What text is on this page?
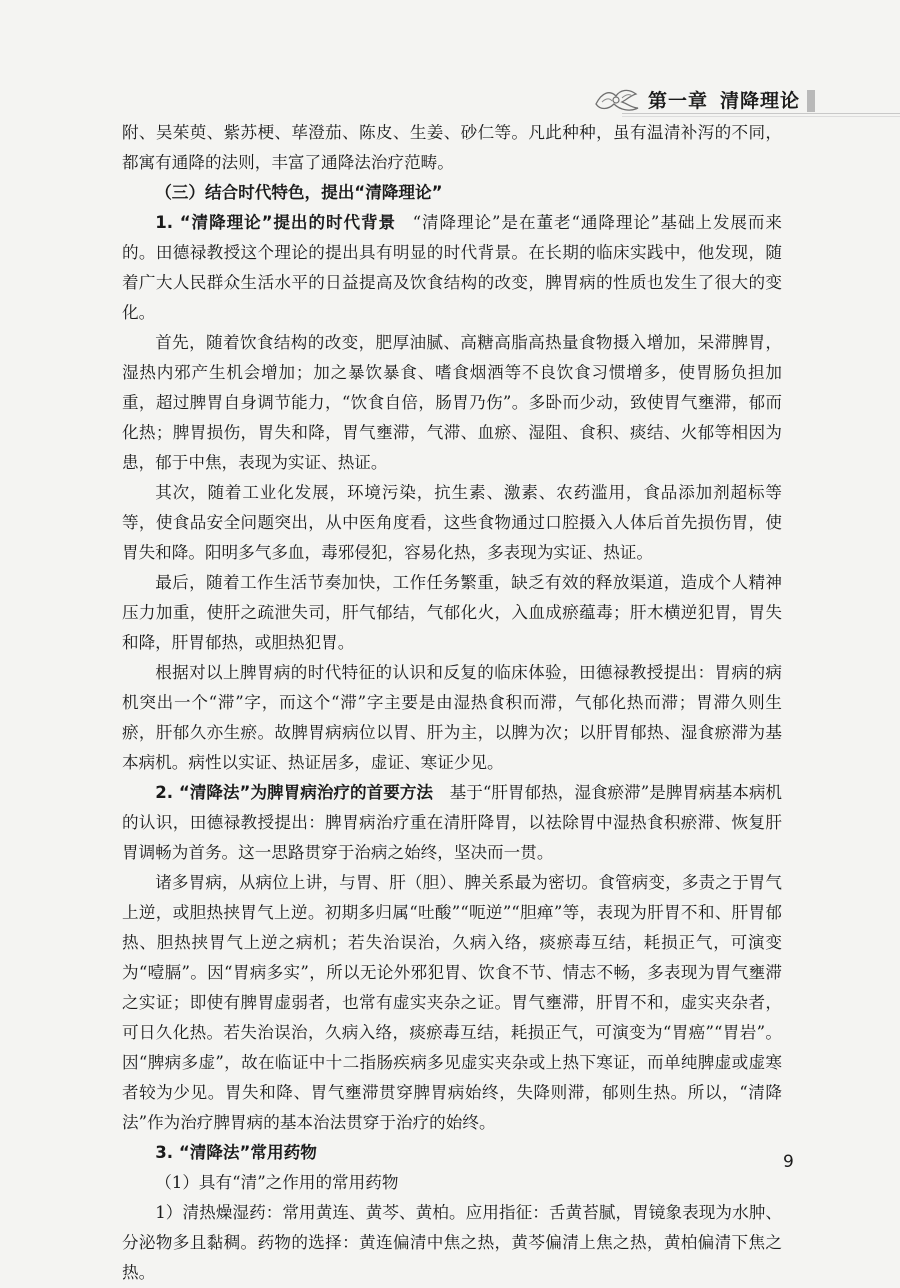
第一章 清降理论

附、吴茱萸、紫苏梗、荜澄茄、陈皮、生姜、砂仁等。凡此种种，虽有温清补泻的不同，都寓有通降的法则，丰富了通降法治疗范畴。

（三）结合时代特色，提出“清降理论”

1. “清降理论”提出的时代背景  “清降理论”是在董老“通降理论”基础上发展而来的。田德禄教授这个理论的提出具有明显的时代背景。在长期的临床实践中，他发现，随着广大人民群众生活水平的日益提高及饮食结构的改变，脾胃病的性质也发生了很大的变化。

首先，随着饮食结构的改变，肥厚油腻、高糖高脂高热量食物摄入增加，呆滞脾胃，湿热内邪产生机会增加；加之暴饮暴食、嗜食烟酒等不良饮食习惯增多，使胃肠负担加重，超过脾胃自身调节能力，“饮食自倍，肠胃乃伤”。多卧而少动，致使胃气壅滞，郁而化热；脾胃损伤，胃失和降，胃气壅滞，气滞、血瘀、湿阻、食积、痰结、火郁等相因为患，郁于中焦，表现为实证、热证。

其次，随着工业化发展，环境污染，抗生素、激素、农药滥用，食品添加剂超标等等，使食品安全问题突出，从中医角度看，这些食物通过口腔摄入人体后首先损伤胃，使胃失和降。阳明多气多血，毒邪侵犯，容易化热，多表现为实证、热证。

最后，随着工作生活节奏加快，工作任务繁重，缺乏有效的释放渠道，造成个人精神压力加重，使肝之疏泄失司，肝气郁结，气郁化火，入血成瘀蕴毒；肝木横逆犯胃，胃失和降，肝胃郁热，或胆热犯胃。

根据对以上脾胃病的时代特征的认识和反复的临床体验，田德禄教授提出：胃病的病机突出一个“滞”字，而这个“滞”字主要是由湿热食积而滞，气郁化热而滞；胃滞久则生瘀，肝郁久亦生瘀。故脾胃病病位以胃、肝为主，以脾为次；以肝胃郁热、湿食瘀滞为基本病机。病性以实证、热证居多，虚证、寒证少见。

2. “清降法”为脾胃病治疗的首要方法  基于“肝胃郁热，湿食瘀滞”是脾胃病基本病机的认识，田德禄教授提出：脾胃病治疗重在清肝降胃，以祛除胃中湿热食积瘀滞、恢复肝胃调畅为首务。这一思路贯穿于治病之始终，坚决而一贯。

诸多胃病，从病位上讲，与胃、肝（胆）、脾关系最为密切。食管病变，多责之于胃气上逆，或胆热挟胃气上逆。初期多归属“吐酸”“呃逆”“胆瘅”等，表现为肝胃不和、肝胃郁热、胆热挟胃气上逆之病机；若失治误治，久病入络，痰瘀毒互结，耗损正气，可演变为“噎膈”。因“胃病多实”，所以无论外邪犯胃、饮食不节、情志不畅，多表现为胃气壅滞之实证；即使有脾胃虚弱者，也常有虚实夹杂之证。胃气壅滞，肝胃不和，虚实夹杂者，可日久化热。若失治误治，久病入络，痰瘀毒互结，耗损正气，可演变为“胃癌”“胃岩”。因“脾病多虚”，故在临证中十二指肠疾病多见虚实夹杂或上热下寒证，而单纯脾虚或虚寒者较为少见。胃失和降、胃气壅滞贯穿脾胃病始终，失降则滞，郁则生热。所以，“清降法”作为治疗脾胃病的基本治法贯穿于治疗的始终。

3. “清降法”常用药物

（1）具有“清”之作用的常用药物

1）清热燥湿药：常用黄连、黄芩、黄柏。应用指征：舌黄苔腻，胃镜象表现为水肿、分泌物多且黏稠。药物的选择：黄连偏清中焦之热，黄芩偏清上焦之热，黄柏偏清下焦之热。

9
